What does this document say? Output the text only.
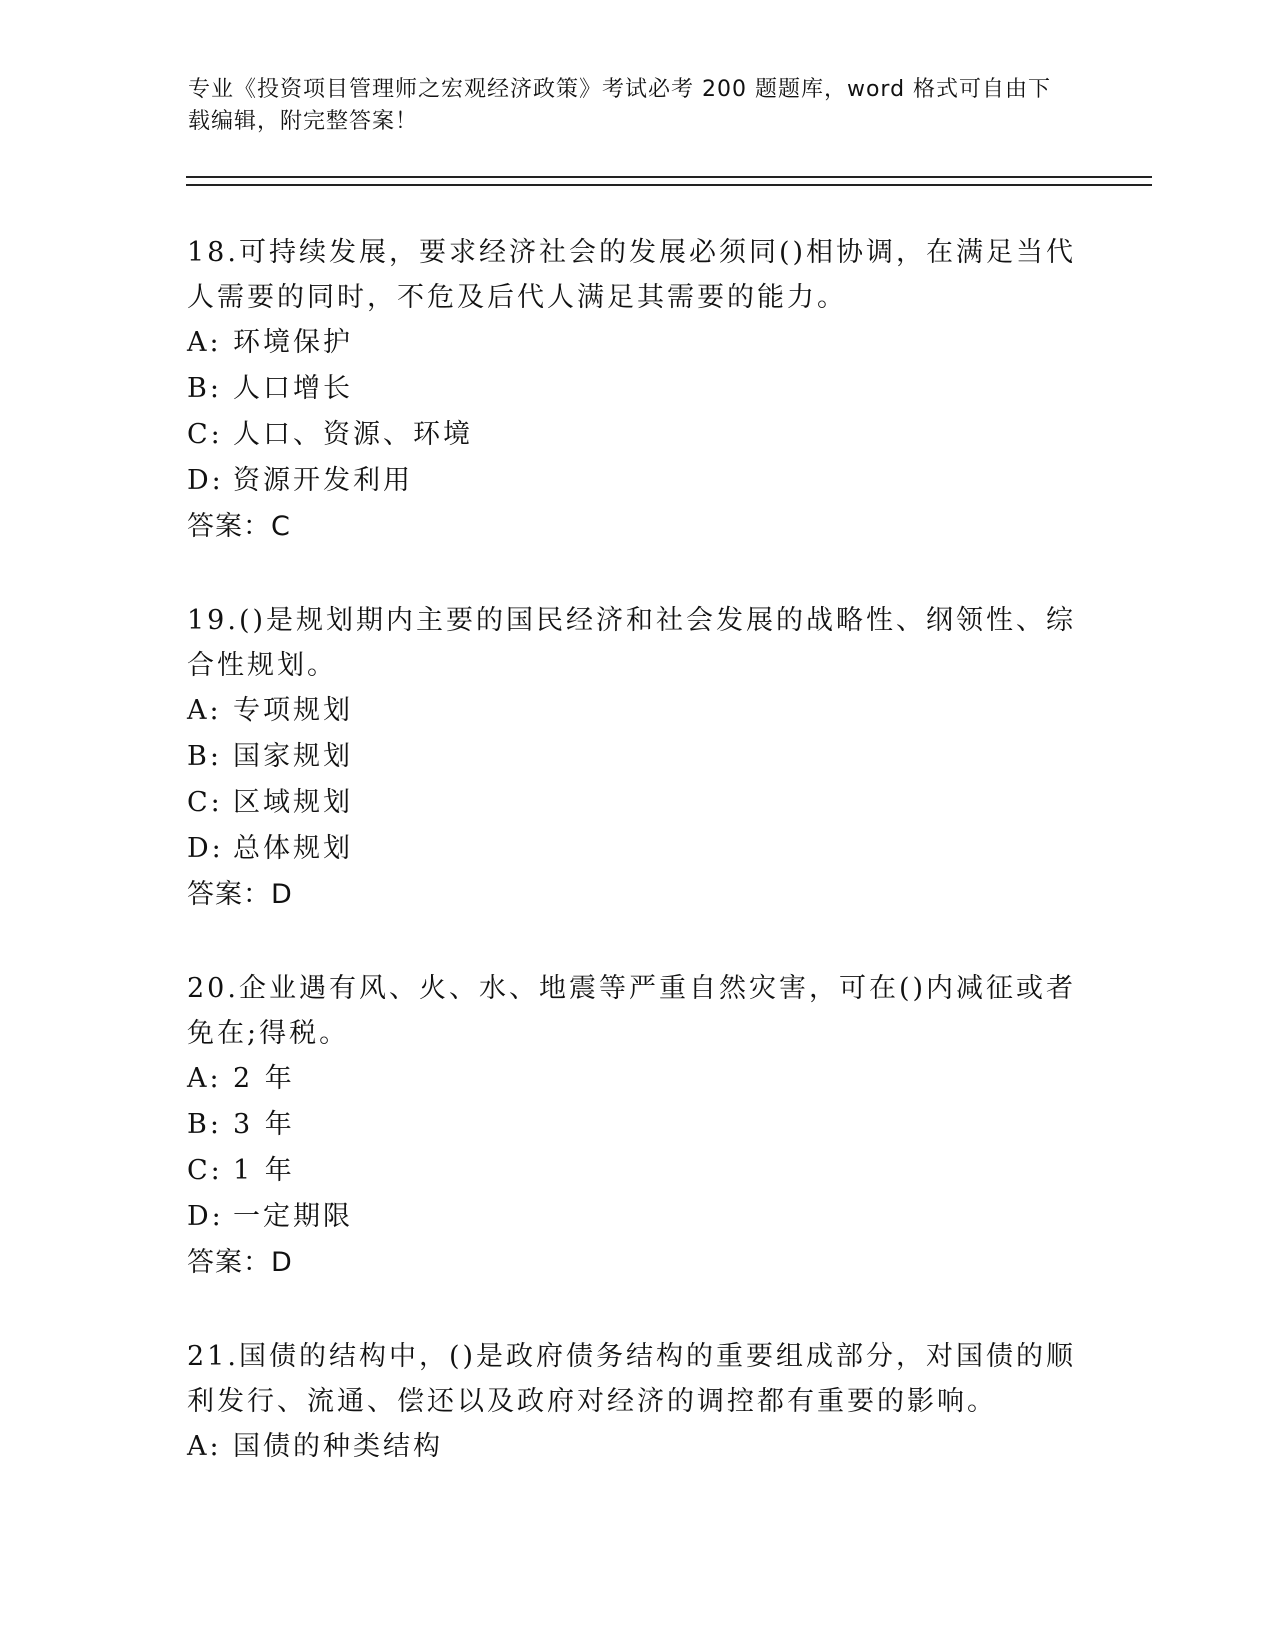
专业《投资项目管理师之宏观经济政策》考试必考 200 题题库，word 格式可自由下载编辑，附完整答案！

18.可持续发展，要求经济社会的发展必须同()相协调，在满足当代人需要的同时，不危及后代人满足其需要的能力。

A: 环境保护

B: 人口增长

C: 人口、资源、环境

D: 资源开发利用

答案：C

19.()是规划期内主要的国民经济和社会发展的战略性、纲领性、综合性规划。

A: 专项规划

B: 国家规划

C: 区域规划

D: 总体规划

答案：D

20.企业遇有风、火、水、地震等严重自然灾害，可在()内减征或者免在;得税。

A: 2 年

B: 3 年

C: 1 年

D: 一定期限

答案：D

21.国债的结构中，()是政府债务结构的重要组成部分，对国债的顺利发行、流通、偿还以及政府对经济的调控都有重要的影响。

A: 国债的种类结构
